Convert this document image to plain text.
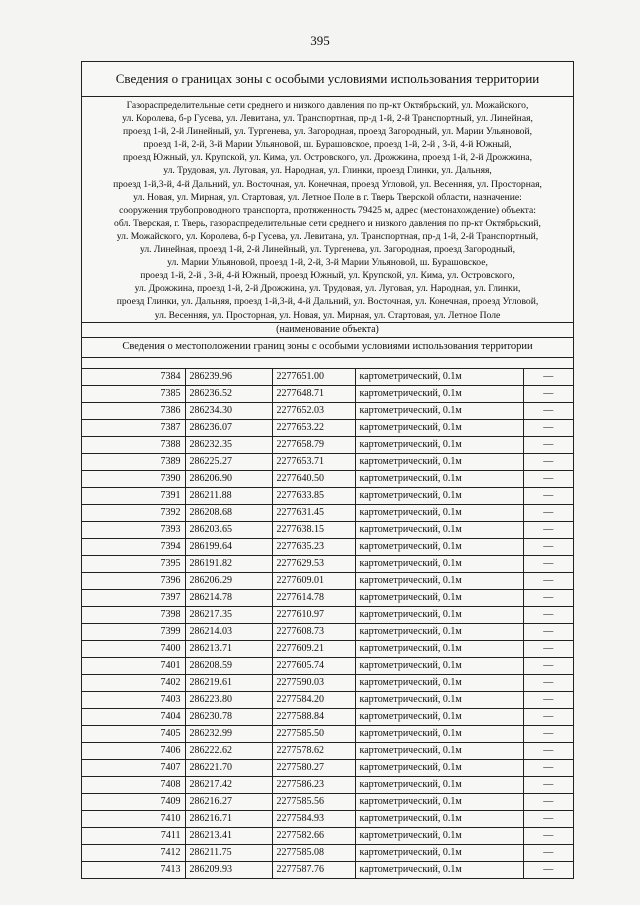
395
Сведения о границах зоны с особыми условиями использования территории
Газораспределительные сети среднего и низкого давления по пр-кт Октябрьский, ул. Можайского,
ул. Королева, б-р Гусева, ул. Левитана, ул. Транспортная, пр-д 1-й, 2-й Транспортный, ул. Линейная,
проезд 1-й, 2-й Линейный, ул. Тургенева, ул. Загородная, проезд Загородный, ул. Марии Ульяновой,
проезд 1-й, 2-й, 3-й Марии Ульяновой, ш. Бурашовское, проезд 1-й, 2-й , 3-й, 4-й Южный,
проезд Южный, ул. Крупской, ул. Кима, ул. Островского, ул. Дрожжина, проезд 1-й, 2-й Дрожжина,
ул. Трудовая, ул. Луговая, ул. Народная, ул. Глинки, проезд Глинки, ул. Дальняя,
проезд 1-й,3-й, 4-й Дальний, ул. Восточная, ул. Конечная, проезд Угловой, ул. Весенняя, ул. Просторная,
ул. Новая, ул. Мирная, ул. Стартовая, ул. Летное Поле в г. Тверь Тверской области, назначение:
сооружения трубопроводного транспорта, протяженность 79425 м, адрес (местонахождение) объекта:
обл. Тверская, г. Тверь, газораспределительные сети среднего и низкого давления по пр-кт Октябрьский,
ул. Можайского, ул. Королева, б-р Гусева, ул. Левитана, ул. Транспортная, пр-д 1-й, 2-й Транспортный,
ул. Линейная, проезд 1-й, 2-й Линейный, ул. Тургенева, ул. Загородная, проезд Загородный,
ул. Марии Ульяновой, проезд 1-й, 2-й, 3-й Марии Ульяновой, ш. Бурашовское,
проезд 1-й, 2-й , 3-й, 4-й Южный, проезд Южный, ул. Крупской, ул. Кима, ул. Островского,
ул. Дрожжина, проезд 1-й, 2-й Дрожжина, ул. Трудовая, ул. Луговая, ул. Народная, ул. Глинки,
проезд Глинки, ул. Дальняя, проезд 1-й,3-й, 4-й Дальний, ул. Восточная, ул. Конечная, проезд Угловой,
ул. Весенняя, ул. Просторная, ул. Новая, ул. Мирная, ул. Стартовая, ул. Летное Поле
(наименование объекта)
Сведения о местоположении границ зоны с особыми условиями использования территории
7384	286239.96	2277651.00	картометрический, 0.1м	—
7385	286236.52	2277648.71	картометрический, 0.1м	—
7386	286234.30	2277652.03	картометрический, 0.1м	—
7387	286236.07	2277653.22	картометрический, 0.1м	—
7388	286232.35	2277658.79	картометрический, 0.1м	—
7389	286225.27	2277653.71	картометрический, 0.1м	—
7390	286206.90	2277640.50	картометрический, 0.1м	—
7391	286211.88	2277633.85	картометрический, 0.1м	—
7392	286208.68	2277631.45	картометрический, 0.1м	—
7393	286203.65	2277638.15	картометрический, 0.1м	—
7394	286199.64	2277635.23	картометрический, 0.1м	—
7395	286191.82	2277629.53	картометрический, 0.1м	—
7396	286206.29	2277609.01	картометрический, 0.1м	—
7397	286214.78	2277614.78	картометрический, 0.1м	—
7398	286217.35	2277610.97	картометрический, 0.1м	—
7399	286214.03	2277608.73	картометрический, 0.1м	—
7400	286213.71	2277609.21	картометрический, 0.1м	—
7401	286208.59	2277605.74	картометрический, 0.1м	—
7402	286219.61	2277590.03	картометрический, 0.1м	—
7403	286223.80	2277584.20	картометрический, 0.1м	—
7404	286230.78	2277588.84	картометрический, 0.1м	—
7405	286232.99	2277585.50	картометрический, 0.1м	—
7406	286222.62	2277578.62	картометрический, 0.1м	—
7407	286221.70	2277580.27	картометрический, 0.1м	—
7408	286217.42	2277586.23	картометрический, 0.1м	—
7409	286216.27	2277585.56	картометрический, 0.1м	—
7410	286216.71	2277584.93	картометрический, 0.1м	—
7411	286213.41	2277582.66	картометрический, 0.1м	—
7412	286211.75	2277585.08	картометрический, 0.1м	—
7413	286209.93	2277587.76	картометрический, 0.1м	—
